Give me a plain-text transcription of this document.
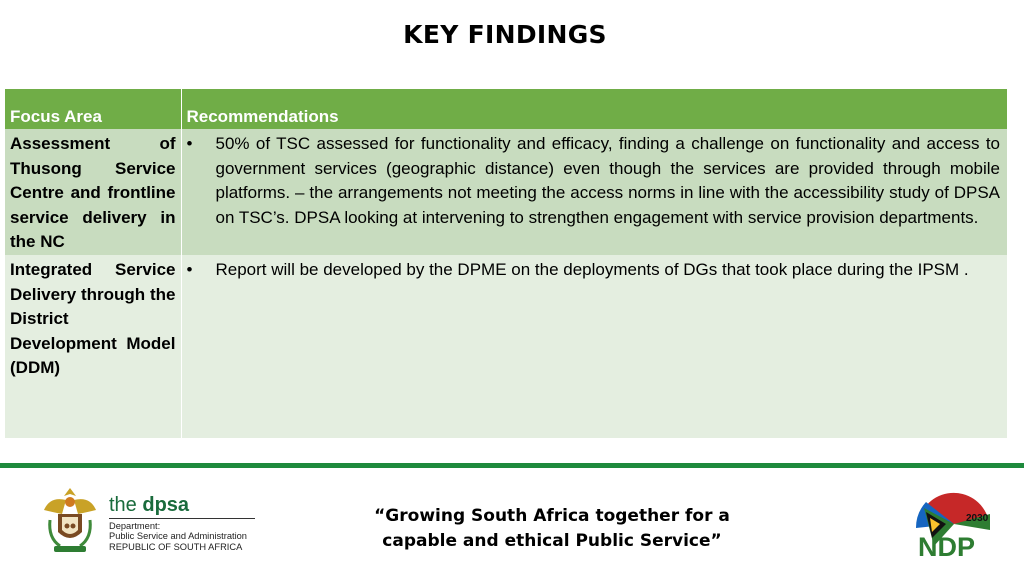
KEY FINDINGS
Focus Area	Recommendations
Assessment of Thusong Service Centre and frontline service delivery in the NC	• 50% of TSC assessed for functionality and efficacy, finding a challenge on functionality and access to government services (geographic distance) even though the services are provided through mobile platforms. – the arrangements not meeting the access norms in line with the accessibility study of DPSA on TSC’s. DPSA looking at intervening to strengthen engagement with service provision departments.

Integrated Service Delivery through the District Development Model (DDM)	• Report will be developed by the DPME on the deployments of DGs that took place during the IPSM .
the dpsa
Department:
Public Service and Administration
REPUBLIC OF SOUTH AFRICA
“Growing South Africa together for a
capable and ethical Public Service”
2030
NDP
